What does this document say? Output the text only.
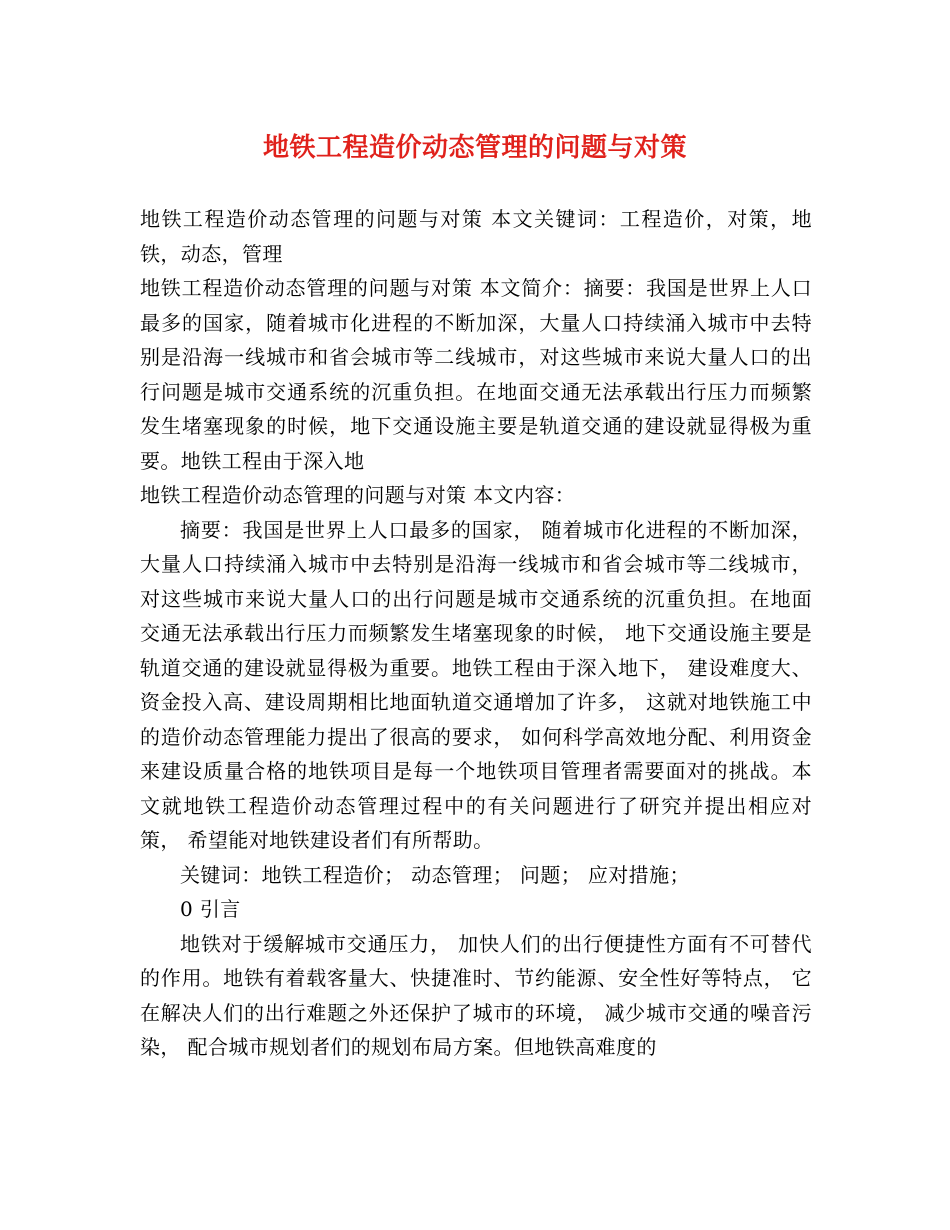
地铁工程造价动态管理的问题与对策

地铁工程造价动态管理的问题与对策 本文关键词：工程造价，对策，地铁，动态，管理

地铁工程造价动态管理的问题与对策 本文简介：摘要：我国是世界上人口最多的国家，随着城市化进程的不断加深，大量人口持续涌入城市中去特别是沿海一线城市和省会城市等二线城市，对这些城市来说大量人口的出行问题是城市交通系统的沉重负担。在地面交通无法承载出行压力而频繁发生堵塞现象的时候，地下交通设施主要是轨道交通的建设就显得极为重要。地铁工程由于深入地

地铁工程造价动态管理的问题与对策 本文内容：

摘要：我国是世界上人口最多的国家， 随着城市化进程的不断加深， 大量人口持续涌入城市中去特别是沿海一线城市和省会城市等二线城市， 对这些城市来说大量人口的出行问题是城市交通系统的沉重负担。在地面交通无法承载出行压力而频繁发生堵塞现象的时候， 地下交通设施主要是轨道交通的建设就显得极为重要。地铁工程由于深入地下， 建设难度大、资金投入高、建设周期相比地面轨道交通增加了许多， 这就对地铁施工中的造价动态管理能力提出了很高的要求， 如何科学高效地分配、利用资金来建设质量合格的地铁项目是每一个地铁项目管理者需要面对的挑战。本文就地铁工程造价动态管理过程中的有关问题进行了研究并提出相应对策， 希望能对地铁建设者们有所帮助。

关键词：地铁工程造价； 动态管理； 问题； 应对措施；

0 引言

地铁对于缓解城市交通压力， 加快人们的出行便捷性方面有不可替代的作用。地铁有着载客量大、快捷准时、节约能源、安全性好等特点， 它在解决人们的出行难题之外还保护了城市的环境， 减少城市交通的噪音污染， 配合城市规划者们的规划布局方案。但地铁高难度的
